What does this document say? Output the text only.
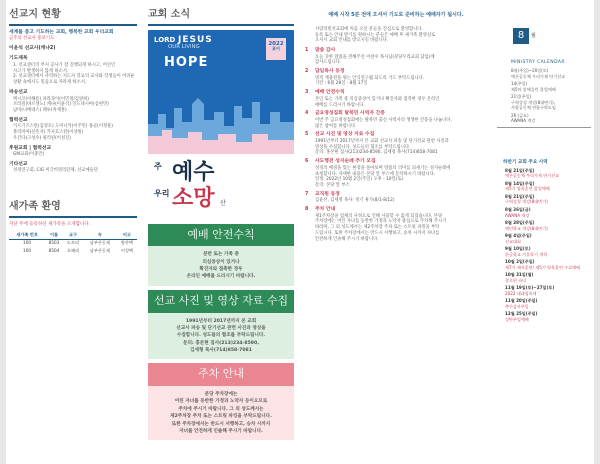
선교지 현황
세계를 품고 기도하는 교회, 행복한 교회 우리교회
금주의 선교사 중보기도
이윤석 선교사(캐냐2)
기도제목
1. 선교센터의 부지 공사가 잘 진행되게 하시고, 어린인
사고가 발생하지 않게 하소서.
2. 선교센터에서 사역하는 지도자 학교의 교사와 학생들이 어려운
상황 속에서도 믿음으로 자라게 하소서.
파송선교
멕시코(이해룡) 파라과이(이민철/김양희)
브라질(바르셀노) 케냐(이윤석) 인도네시아(심현민)
남미(나베네스) 페루(차재홍)
협력선교
키르기즈스탄(김영모) 도미니카(이주민) 몽골(이정훈)
볼리비아(신흥자) 카자흐스탄(이상원)
우간다(고성수) 필리핀(이성진)
후원교회 | 협력선교
GM교회(이충만)
기타선교
성경연구회, CIG 미국비영리단체, 선교예술단
새가족 환영
지난 주에 등록하신 새가족을 소개합니다.
새가족 번호	이름	교구	속	비고
100	8503	도토리	남부산동제	방산택
100	8504	오해리	남부산동제	이성택
교회 소식
LORD JESUS
OUR LIVING
HOPE
2022
표어
주 예수
우리 소망 산
예배 안전수칙
분반 또는 가족 중
의심증상이 있거나
확진자와 접촉한 경우
온라인 예배를 드리시기 바랍니다.
선교 사진 및 영상 자료 수집
1991년부터 2017년까지 본 교회
선교사 파송 및 단기선교 관련 사진과 영상을
수집합니다. 성도들의 협조를 부탁드립니다.
문의: 홍본현 집사(213)234-8590,
김세형 목사(714)858-7081
주차 안내
분당 주차장에는
어린 자녀를 동반한 가정과 노약자 등이오므로
주차에 주시기 바랍니다. 그 외 성도께서는
제2주차장 주차 또는 스트릿 파킹을 부탁드립니다.
또한 주차장에서는 반드시 서행하고, 승차 시까지
자녀를 안전하게 인솔해 주시기 바랍니다.
예배 시작 5분 전에 오셔서 기도로 준비하는 예배자가 됩시다.
사랑의빛선교회에 처음 오신 분들을 진심으로 환영합니다.
등록 또는 안내 받기를 원하시는 분들은 예배 후 새가족 환영실로
오셔서 교회 안내를 받으시길 바랍니다.
1	말씀 감사
오늘 귀한 말씀을 전해주신 이찬수 목사님(분당우리교회 담임)께
감사드립니다.
2	담임목사 동정
영적 재충전을 위는 안식연구월 되도록 기도 부탁드립니다.
기간 : 6월 28일 - 8월 17일
3	예배 안전수칙
본인 또는 가족 중 의심증상이 있거나 확진자와 접촉한 경우 온라인
예배를 드리시기 바랍니다.
4	금요영성집회 탈북민 사역자 간증
이번 주 금요영성집회에는 탈북민 출신 사역자의 생생한 간증을 나눕니다.
많은 참여를 바랍니다.
5	선교 사진 및 영상 자료 수집
1991년부터 2017년까지 본 교회 선교사 파송 및 단기선교 관련 사진과
영상을 수집합니다. 성도들의 협조를 부탁드립니다.
문의: 홍본현 집사(213)234-8590, 김세형 목사(714)858-7081
6	사도행전 성지순례 추가 모집
성경의 배경을 있는 현장을 돌아보며 말씀의 의미를 되새기는 성지순례에
초청합니다. 자세한 내용은 본당 앞 부스에 문의하시기 바랍니다.
일정: 2022년 10월 2일(주일) 오후 - 10일(토)
문의: 본당 앞 부스
7	교직원 동정
김윤선, 김세영 목사: 정기 휴가(8/1-8/12)
8	주차 안내
제1주차장을 업체의 사정으로 인해 사용할 수 없게 되었습니다. 본당
주차장에는 어린 자녀를 동반한 가정과 노약자 중심으로 주차해 주시기
바라며, 그 외 성도께서는 제2주차장 주차 또는 스트릿 파킹을 부탁
드립니다. 또한 주차장에서는 반드시 서행하고, 승차 시까지 자녀를
안전하게 인솔해 주시기 바랍니다.
8	월
MINISTRY CALENDAR
8월(주일)~20일(토)
예른공동체 우리가제 단기선교
14(주일)
제5차 알에올란 졸업예배
21일(주일)
구역성경 개강(8대면기),
사랑공동체 연합구역모임
26 (금요)
AWANA 개강
하반기 교회 주요 사역
8월 21일(주일)
예른공동체 우리가제 단기선교
8월 14일(주일)
제5기 양육훈련 졸업예배
8월 21일(주일)
구역성경 개강(8대면기)
8월 26일(금)
AWANA 개강
8월 28일(주일)
예년학교 개강(8대면기)
9월 4일(주일)
선교대회
9월 10일(토)
한글학교 가을학기 개학
10월 2일(주일)
제7기 제자훈련/ 제5기 양육훈련 수료예배
10월 31일(월)
할로윈 파티
11월 19일(토)~27일(토)
2022 대대림특새
11월 20일(주일)
추수감사주일
12월 25일(주일)
성탄주일예배
